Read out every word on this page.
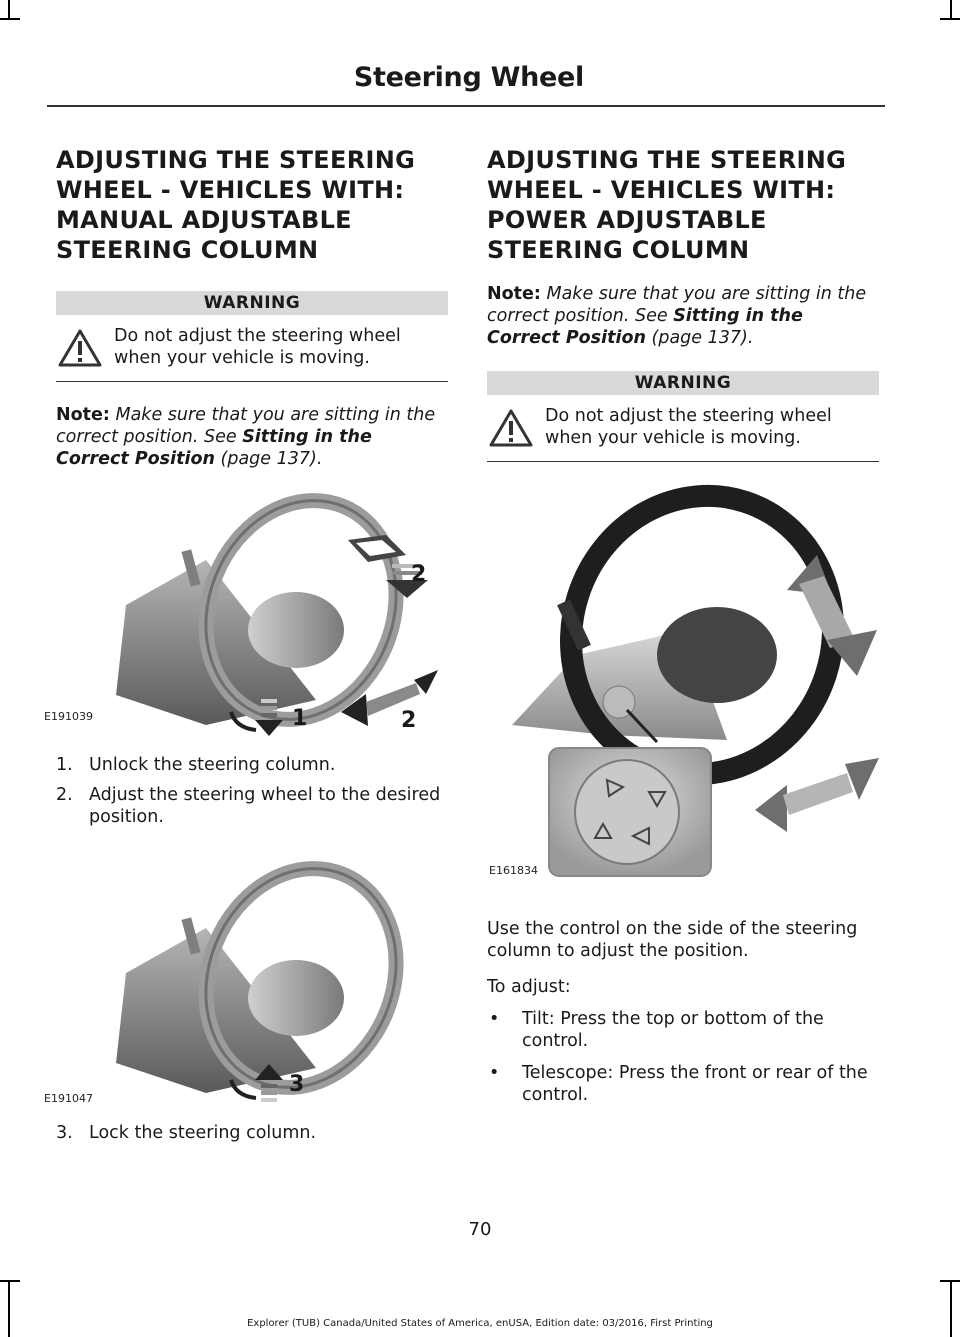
Steering Wheel
ADJUSTING THE STEERING
WHEEL - VEHICLES WITH:
MANUAL ADJUSTABLE
STEERING COLUMN
WARNING
Do not adjust the steering wheel when your vehicle is moving.
Note: Make sure that you are sitting in the correct position. See Sitting in the Correct Position (page 137).
E191039
2
1	2
1. Unlock the steering column.
2. Adjust the steering wheel to the desired position.
E191047
3
3. Lock the steering column.
ADJUSTING THE STEERING
WHEEL - VEHICLES WITH:
POWER ADJUSTABLE
STEERING COLUMN
Note: Make sure that you are sitting in the correct position. See Sitting in the Correct Position (page 137).
WARNING
Do not adjust the steering wheel when your vehicle is moving.
E161834

Use the control on the side of the steering column to adjust the position.

To adjust:

•	Tilt: Press the top or bottom of the control.
•	Telescope: Press the front or rear of the control.
70
Explorer (TUB) Canada/United States of America, enUSA, Edition date: 03/2016, First Printing
